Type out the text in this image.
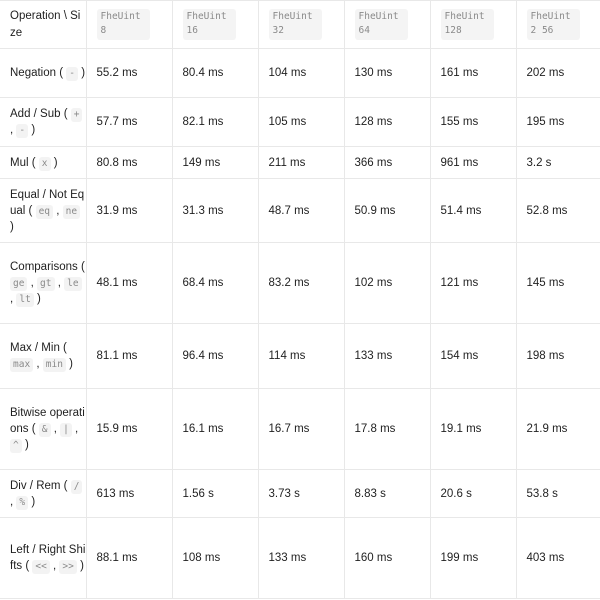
Operation \ Size	FheUint 8	FheUint 16	FheUint 32	FheUint 64	FheUint 128	FheUint2 56
Negation ( - )	55.2 ms	80.4 ms	104 ms	130 ms	161 ms	202 ms
Add / Sub ( + , - )	57.7 ms	82.1 ms	105 ms	128 ms	155 ms	195 ms
Mul ( x )	80.8 ms	149 ms	211 ms	366 ms	961 ms	3.2 s
Equal / Not Equal ( eq , ne )	31.9 ms	31.3 ms	48.7 ms	50.9 ms	51.4 ms	52.8 ms
Comparisons ( ge , gt , le , lt )	48.1 ms	68.4 ms	83.2 ms	102 ms	121 ms	145 ms
Max / Min ( max , min )	81.1 ms	96.4 ms	114 ms	133 ms	154 ms	198 ms
Bitwise operations ( & , | , ^ )	15.9 ms	16.1 ms	16.7 ms	17.8 ms	19.1 ms	21.9 ms
Div / Rem ( / , % )	613 ms	1.56 s	3.73 s	8.83 s	20.6 s	53.8 s
Left / Right Shifts ( << , >> )	88.1 ms	108 ms	133 ms	160 ms	199 ms	403 ms
